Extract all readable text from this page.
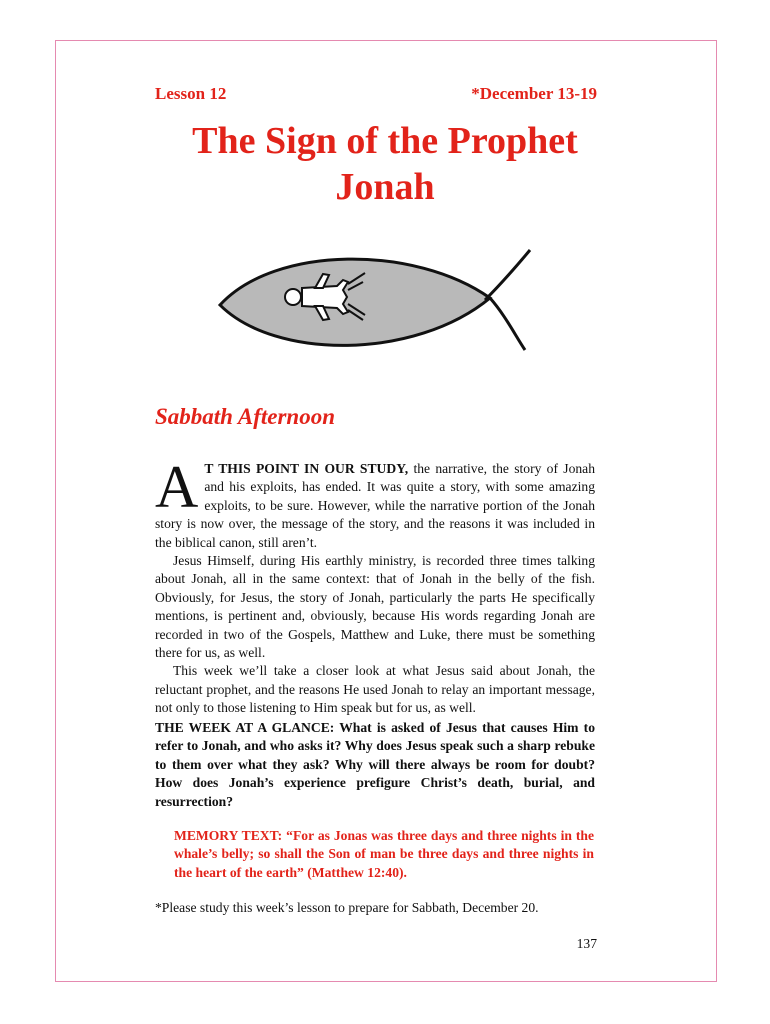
Lesson 12	*December 13-19
The Sign of the Prophet Jonah
Sabbath Afternoon

A T THIS POINT IN OUR STUDY, the narrative, the story of Jonah and his exploits, has ended. It was quite a story, with some amazing exploits, to be sure. However, while the narrative portion of the Jonah story is now over, the message of the story, and the reasons it was included in the biblical canon, still aren’t.

Jesus Himself, during His earthly ministry, is recorded three times talking about Jonah, all in the same context: that of Jonah in the belly of the fish. Obviously, for Jesus, the story of Jonah, particularly the parts He specifically mentions, is pertinent and, obviously, because His words regarding Jonah are recorded in two of the Gospels, Matthew and Luke, there must be something there for us, as well.

This week we’ll take a closer look at what Jesus said about Jonah, the reluctant prophet, and the reasons He used Jonah to relay an important message, not only to those listening to Him speak but for us, as well.

THE WEEK AT A GLANCE: What is asked of Jesus that causes Him to refer to Jonah, and who asks it? Why does Jesus speak such a sharp rebuke to them over what they ask? Why will there always be room for doubt? How does Jonah’s experience prefigure Christ’s death, burial, and resurrection?
MEMORY TEXT: “For as Jonas was three days and three nights in the whale’s belly; so shall the Son of man be three days and three nights in the heart of the earth” (Matthew 12:40).
*Please study this week’s lesson to prepare for Sabbath, December 20.
137
